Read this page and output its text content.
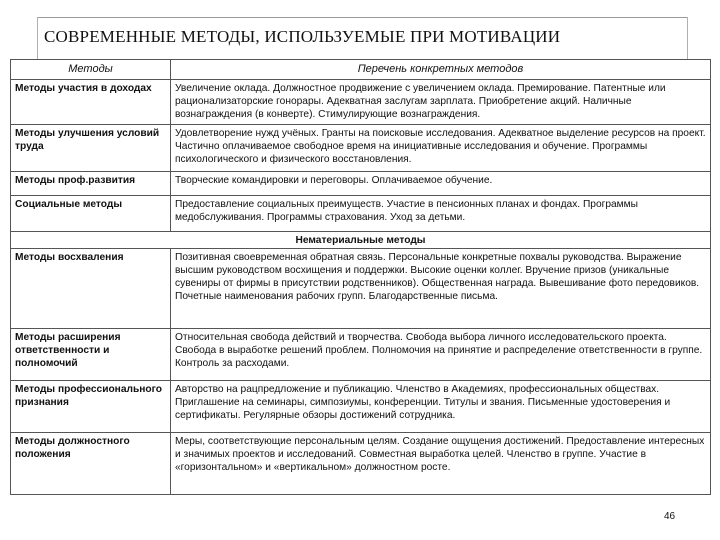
СОВРЕМЕННЫЕ МЕТОДЫ, ИСПОЛЬЗУЕМЫЕ ПРИ МОТИВАЦИИ
Методы	Перечень конкретных методов
Методы участия в доходах	Увеличение оклада. Должностное продвижение с увеличением оклада. Премирование. Патентные или рационализаторские гонорары. Адекватная заслугам зарплата. Приобретение акций. Наличные вознаграждения (в конверте). Стимулирующие вознаграждения.
Методы улучшения условий труда	Удовлетворение нужд учёных. Гранты на поисковые исследования. Адекватное выделение ресурсов на проект. Частично оплачиваемое свободное время на инициативные исследования и обучение. Программы психологического и физического восстановления.
Методы проф.развития	Творческие командировки и переговоры. Оплачиваемое обучение.
Социальные методы	Предоставление социальных преимуществ. Участие в пенсионных планах и фондах. Программы медобслуживания. Программы страхования. Уход за детьми.
Нематериальные методы	
Методы восхваления	Позитивная своевременная обратная связь. Персональные конкретные похвалы руководства. Выражение высшим руководством восхищения и поддержки. Высокие оценки коллег. Вручение призов (уникальные сувениры от фирмы в присутствии родственников). Общественная награда. Вывешивание фото передовиков. Почетные наименования рабочих групп. Благодарственные письма.
Методы расширения ответственности и полномочий	Относительная свобода действий и творчества. Свобода выбора личного исследовательского проекта. Свобода в выработке решений проблем. Полномочия на принятие и распределение ответственности в группе. Контроль за расходами.
Методы профессионального признания	Авторство на рацпредложение и публикацию. Членство в Академиях, профессиональных обществах. Приглашение на семинары, симпозиумы, конференции. Титулы и звания. Письменные удостоверения и сертификаты. Регулярные обзоры достижений сотрудника.
Методы должностного положения	Меры, соответствующие персональным целям. Создание ощущения достижений. Предоставление интересных и значимых проектов и исследований. Совместная выработка целей. Членство в группе. Участие в «горизонтальном» и «вертикальном» должностном росте.
46
